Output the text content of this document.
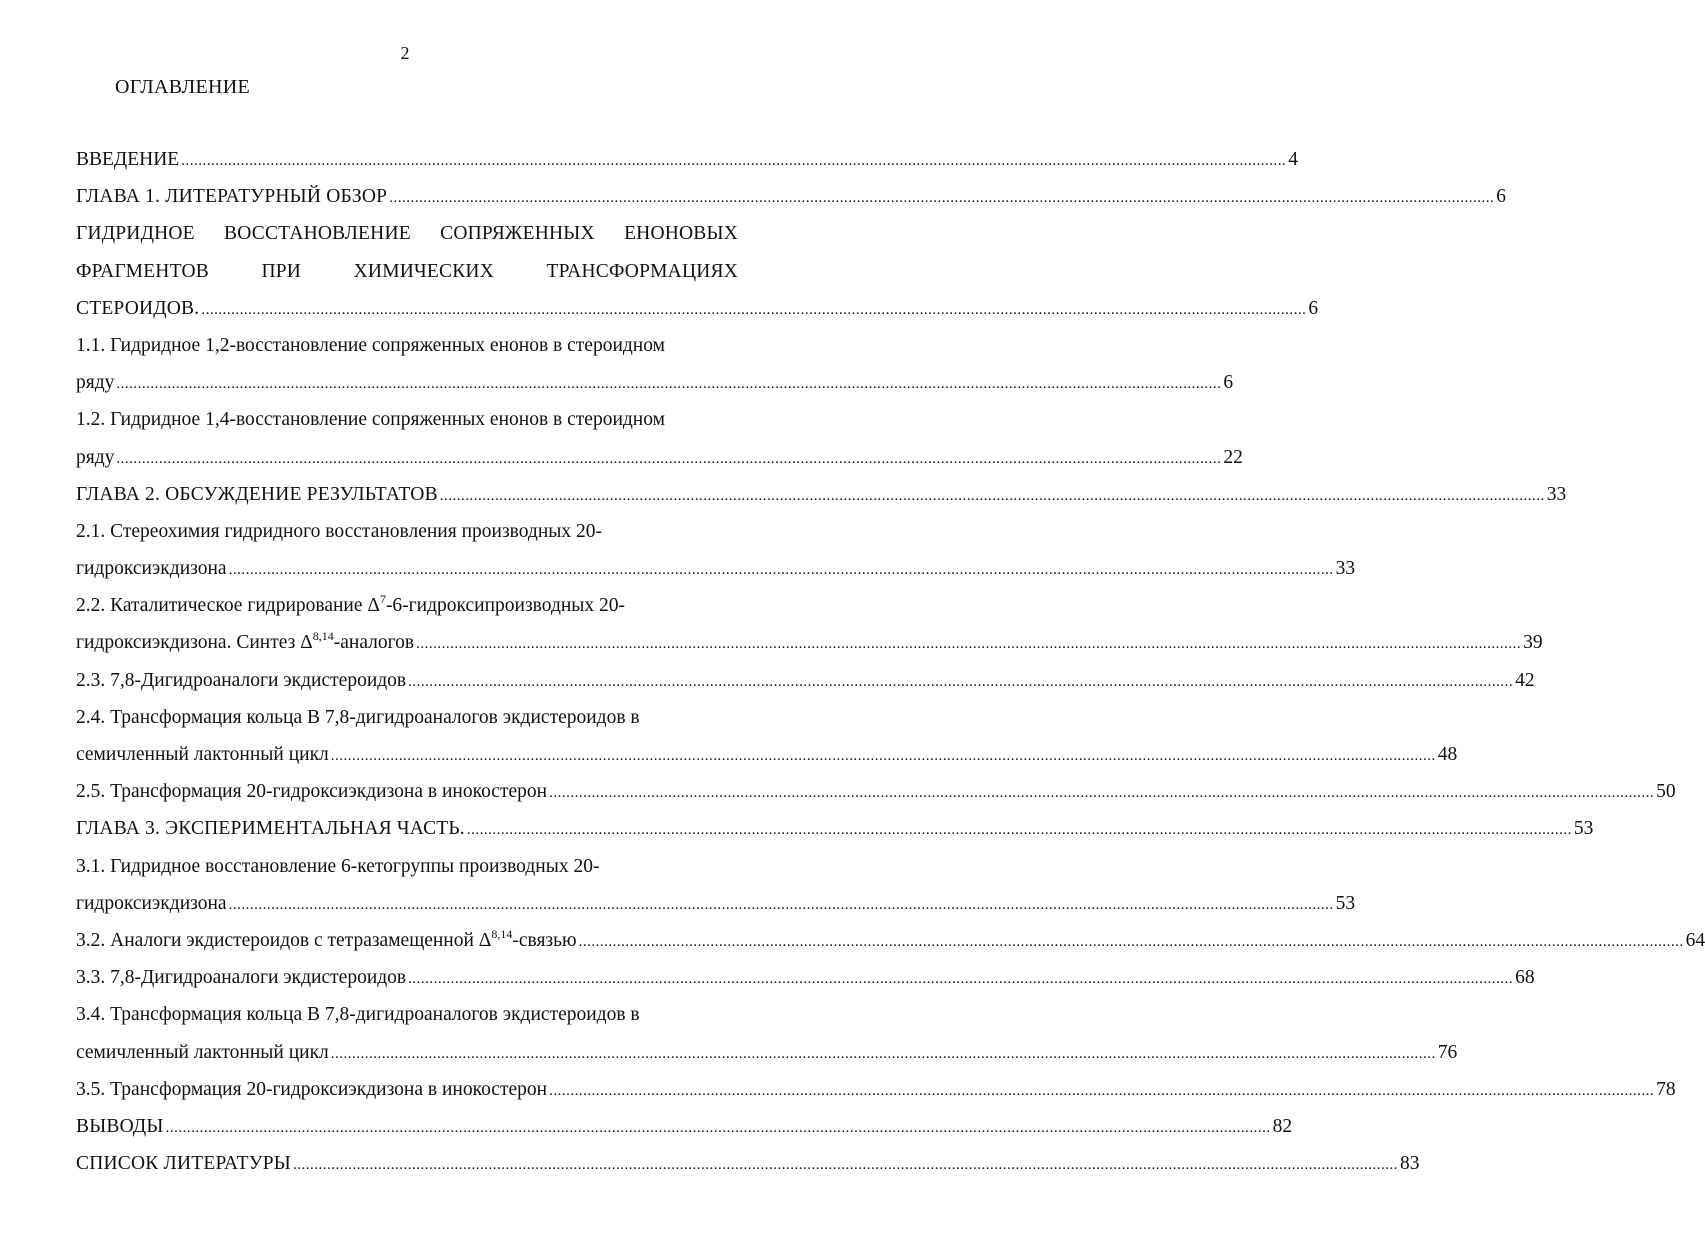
2
ОГЛАВЛЕНИЕ
ВВЕДЕНИЕ .....	4
ГЛАВА 1. ЛИТЕРАТУРНЫЙ ОБЗОР .....	6
ГИДРИДНОЕ ВОССТАНОВЛЕНИЕ СОПРЯЖЕННЫХ ЕНОНОВЫХ
ФРАГМЕНТОВ	ПРИ	ХИМИЧЕСКИХ	ТРАНСФОРМАЦИЯХ
СТЕРОИДОВ. .....	6
1.1. Гидридное 1,2-восстановление сопряженных енонов в стероидном
ряду .....	6
1.2. Гидридное 1,4-восстановление сопряженных енонов в стероидном
ряду .....	22
ГЛАВА 2. ОБСУЖДЕНИЕ РЕЗУЛЬТАТОВ .....	33
2.1. Стереохимия гидридного восстановления производных 20-
гидроксиэкдизона .....	33
2.2. Каталитическое гидрирование $\Delta^7-6$-гидроксипроизводных 20-
гидроксиэкдизона. Синтез Δ$^{8,14}$-аналогов .....	39
2.3. 7,8-Дигидроаналоги экдистероидов .....	42
2.4. Трансформация кольца В 7,8-дигидроаналогов экдистероидов в
семичленный лактонный цикл .....	48
2.5. Трансформация 20-гидроксиэкдизона в инокостерон .....	50
ГЛАВА 3. ЭКСПЕРИМЕНТАЛЬНАЯ ЧАСТЬ. .....	53
3.1. Гидридное восстановление 6-кетогруппы производных 20-
гидроксиэкдизона .....	53
3.2. Аналоги экдистероидов с тетразамещенной Δ$^{8,14}$-связью .....	64
3.3. 7,8-Дигидроаналоги экдистероидов .....	68
3.4. Трансформация кольца В 7,8-дигидроаналогов экдистероидов в
семичленный лактонный цикл .....	76
3.5. Трансформация 20-гидроксиэкдизона в инокостерон .....	78
ВЫВОДЫ .....	82
СПИСОК ЛИТЕРАТУРЫ .....	83
